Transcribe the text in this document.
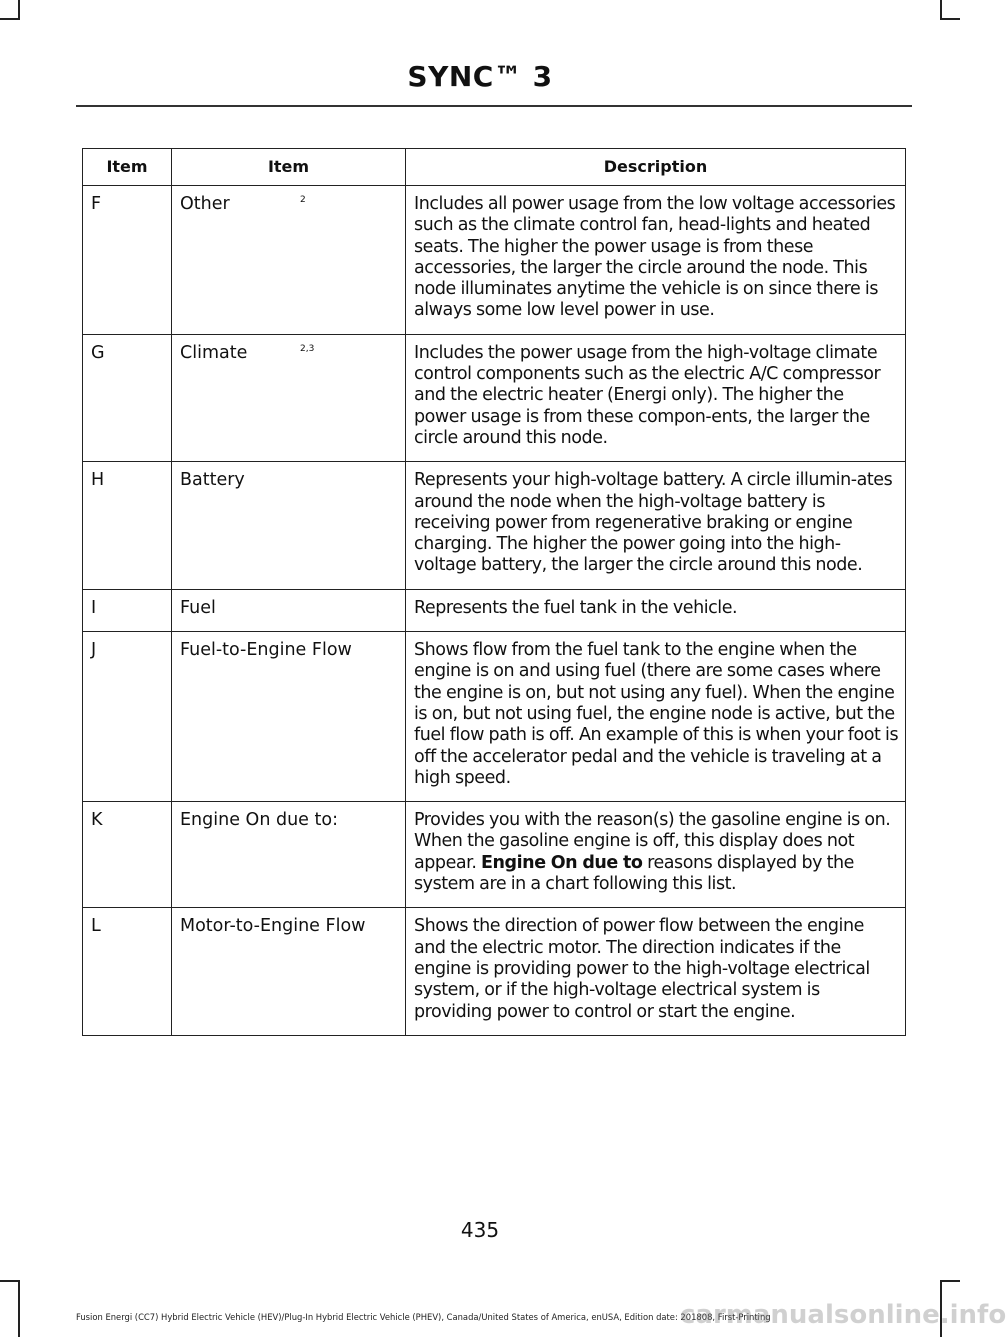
SYNC™ 3
Item	Item	Description
F	Other 2	Includes all power usage from the low voltage accessories such as the climate control fan, head-lights and heated seats. The higher the power usage is from these accessories, the larger the circle around the node. This node illuminates anytime the vehicle is on since there is always some low level power in use.
G	Climate 2,3	Includes the power usage from the high-voltage climate control components such as the electric A/C compressor and the electric heater (Energi only). The higher the power usage is from these compon-ents, the larger the circle around this node.
H	Battery	Represents your high-voltage battery. A circle illumin-ates around the node when the high-voltage battery is receiving power from regenerative braking or engine charging. The higher the power going into the high-voltage battery, the larger the circle around this node.
I	Fuel	Represents the fuel tank in the vehicle.
J	Fuel-to-Engine Flow	Shows flow from the fuel tank to the engine when the engine is on and using fuel (there are some cases where the engine is on, but not using any fuel). When the engine is on, but not using fuel, the engine node is active, but the fuel flow path is off. An example of this is when your foot is off the accelerator pedal and the vehicle is traveling at a high speed.
K	Engine On due to:	Provides you with the reason(s) the gasoline engine is on. When the gasoline engine is off, this display does not appear. Engine On due to reasons displayed by the system are in a chart following this list.
L	Motor-to-Engine Flow	Shows the direction of power flow between the engine and the electric motor. The direction indicates if the engine is providing power to the high-voltage electrical system, or if the high-voltage electrical system is providing power to control or start the engine.
435
Fusion Energi (CC7) Hybrid Electric Vehicle (HEV)/Plug-In Hybrid Electric Vehicle (PHEV), Canada/United States of America, enUSA, Edition date: 201808, First-Printing
carmanualsonline.info
